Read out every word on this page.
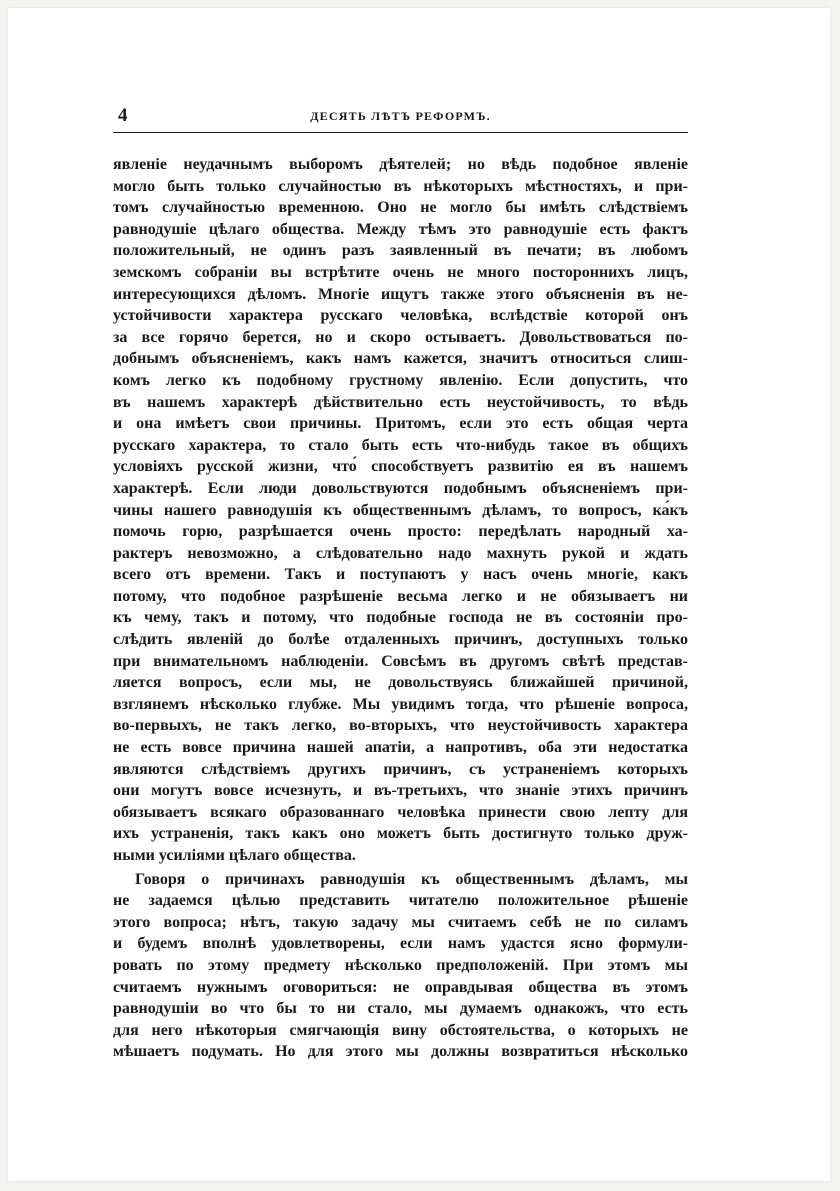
4	ДЕСЯТЬ ЛѢТЪ РЕФОРМЪ.
явленіе неудачнымъ выборомъ дѣятелей; но вѣдь подобное явленіе
могло быть только случайностью въ нѣкоторыхъ мѣстностяхъ, и при-
томъ случайностью временною. Оно не могло бы имѣть слѣдствіемъ
равнодушіе цѣлаго общества. Между тѣмъ это равнодушіе есть фактъ
положительный, не одинъ разъ заявленный въ печати; въ любомъ
земскомъ собраніи вы встрѣтите очень не много постороннихъ лицъ,
интересующихся дѣломъ. Многіе ищутъ также этого объясненія въ не-
устойчивости характера русскаго человѣка, вслѣдствіе которой онъ
за все горячо берется, но и скоро остываетъ. Довольствоваться по-
добнымъ объясненіемъ, какъ намъ кажется, значитъ относиться слиш-
комъ легко къ подобному грустному явленію. Если допустить, что
въ нашемъ характерѣ дѣйствительно есть неустойчивость, то вѣдь
и она имѣетъ свои причины. Притомъ, если это есть общая черта
русскаго характера, то стало быть есть что-нибудь такое въ общихъ
условіяхъ русской жизни, что́ способствуетъ развитію ея въ нашемъ
характерѣ. Если люди довольствуются подобнымъ объясненіемъ при-
чины нашего равнодушія къ общественнымъ дѣламъ, то вопросъ, ка́къ
помочь горю, разрѣшается очень просто: передѣлать народный ха-
рактеръ невозможно, а слѣдовательно надо махнуть рукой и ждать
всего отъ времени. Такъ и поступаютъ у насъ очень многіе, какъ
потому, что подобное разрѣшеніе весьма легко и не обязываетъ ни
къ чему, такъ и потому, что подобные господа не въ состояніи про-
слѣдить явленій до болѣе отдаленныхъ причинъ, доступныхъ только
при внимательномъ наблюденіи. Совсѣмъ въ другомъ свѣтѣ представ-
ляется вопросъ, если мы, не довольствуясь ближайшей причиной,
взглянемъ нѣсколько глубже. Мы увидимъ тогда, что рѣшеніе вопроса,
во-первыхъ, не такъ легко, во-вторыхъ, что неустойчивость характера
не есть вовсе причина нашей апатіи, а напротивъ, оба эти недостатка
являются слѣдствіемъ другихъ причинъ, съ устраненіемъ которыхъ
они могутъ вовсе исчезнуть, и въ-третьихъ, что знаніе этихъ причинъ
обязываетъ всякаго образованнаго человѣка принести свою лепту для
ихъ устраненія, такъ какъ оно можетъ быть достигнуто только друж-
ными усиліями цѣлаго общества.
Говоря о причинахъ равнодушія къ общественнымъ дѣламъ, мы
не задаемся цѣлью представить читателю положительное рѣшеніе
этого вопроса; нѣтъ, такую задачу мы считаемъ себѣ не по силамъ
и будемъ вполнѣ удовлетворены, если намъ удастся ясно формули-
ровать по этому предмету нѣсколько предположеній. При этомъ мы
считаемъ нужнымъ оговориться: не оправдывая общества въ этомъ
равнодушіи во что бы то ни стало, мы думаемъ однакожъ, что есть
для него нѣкоторыя смягчающія вину обстоятельства, о которыхъ не
мѣшаетъ подумать. Но для этого мы должны возвратиться нѣсколько
